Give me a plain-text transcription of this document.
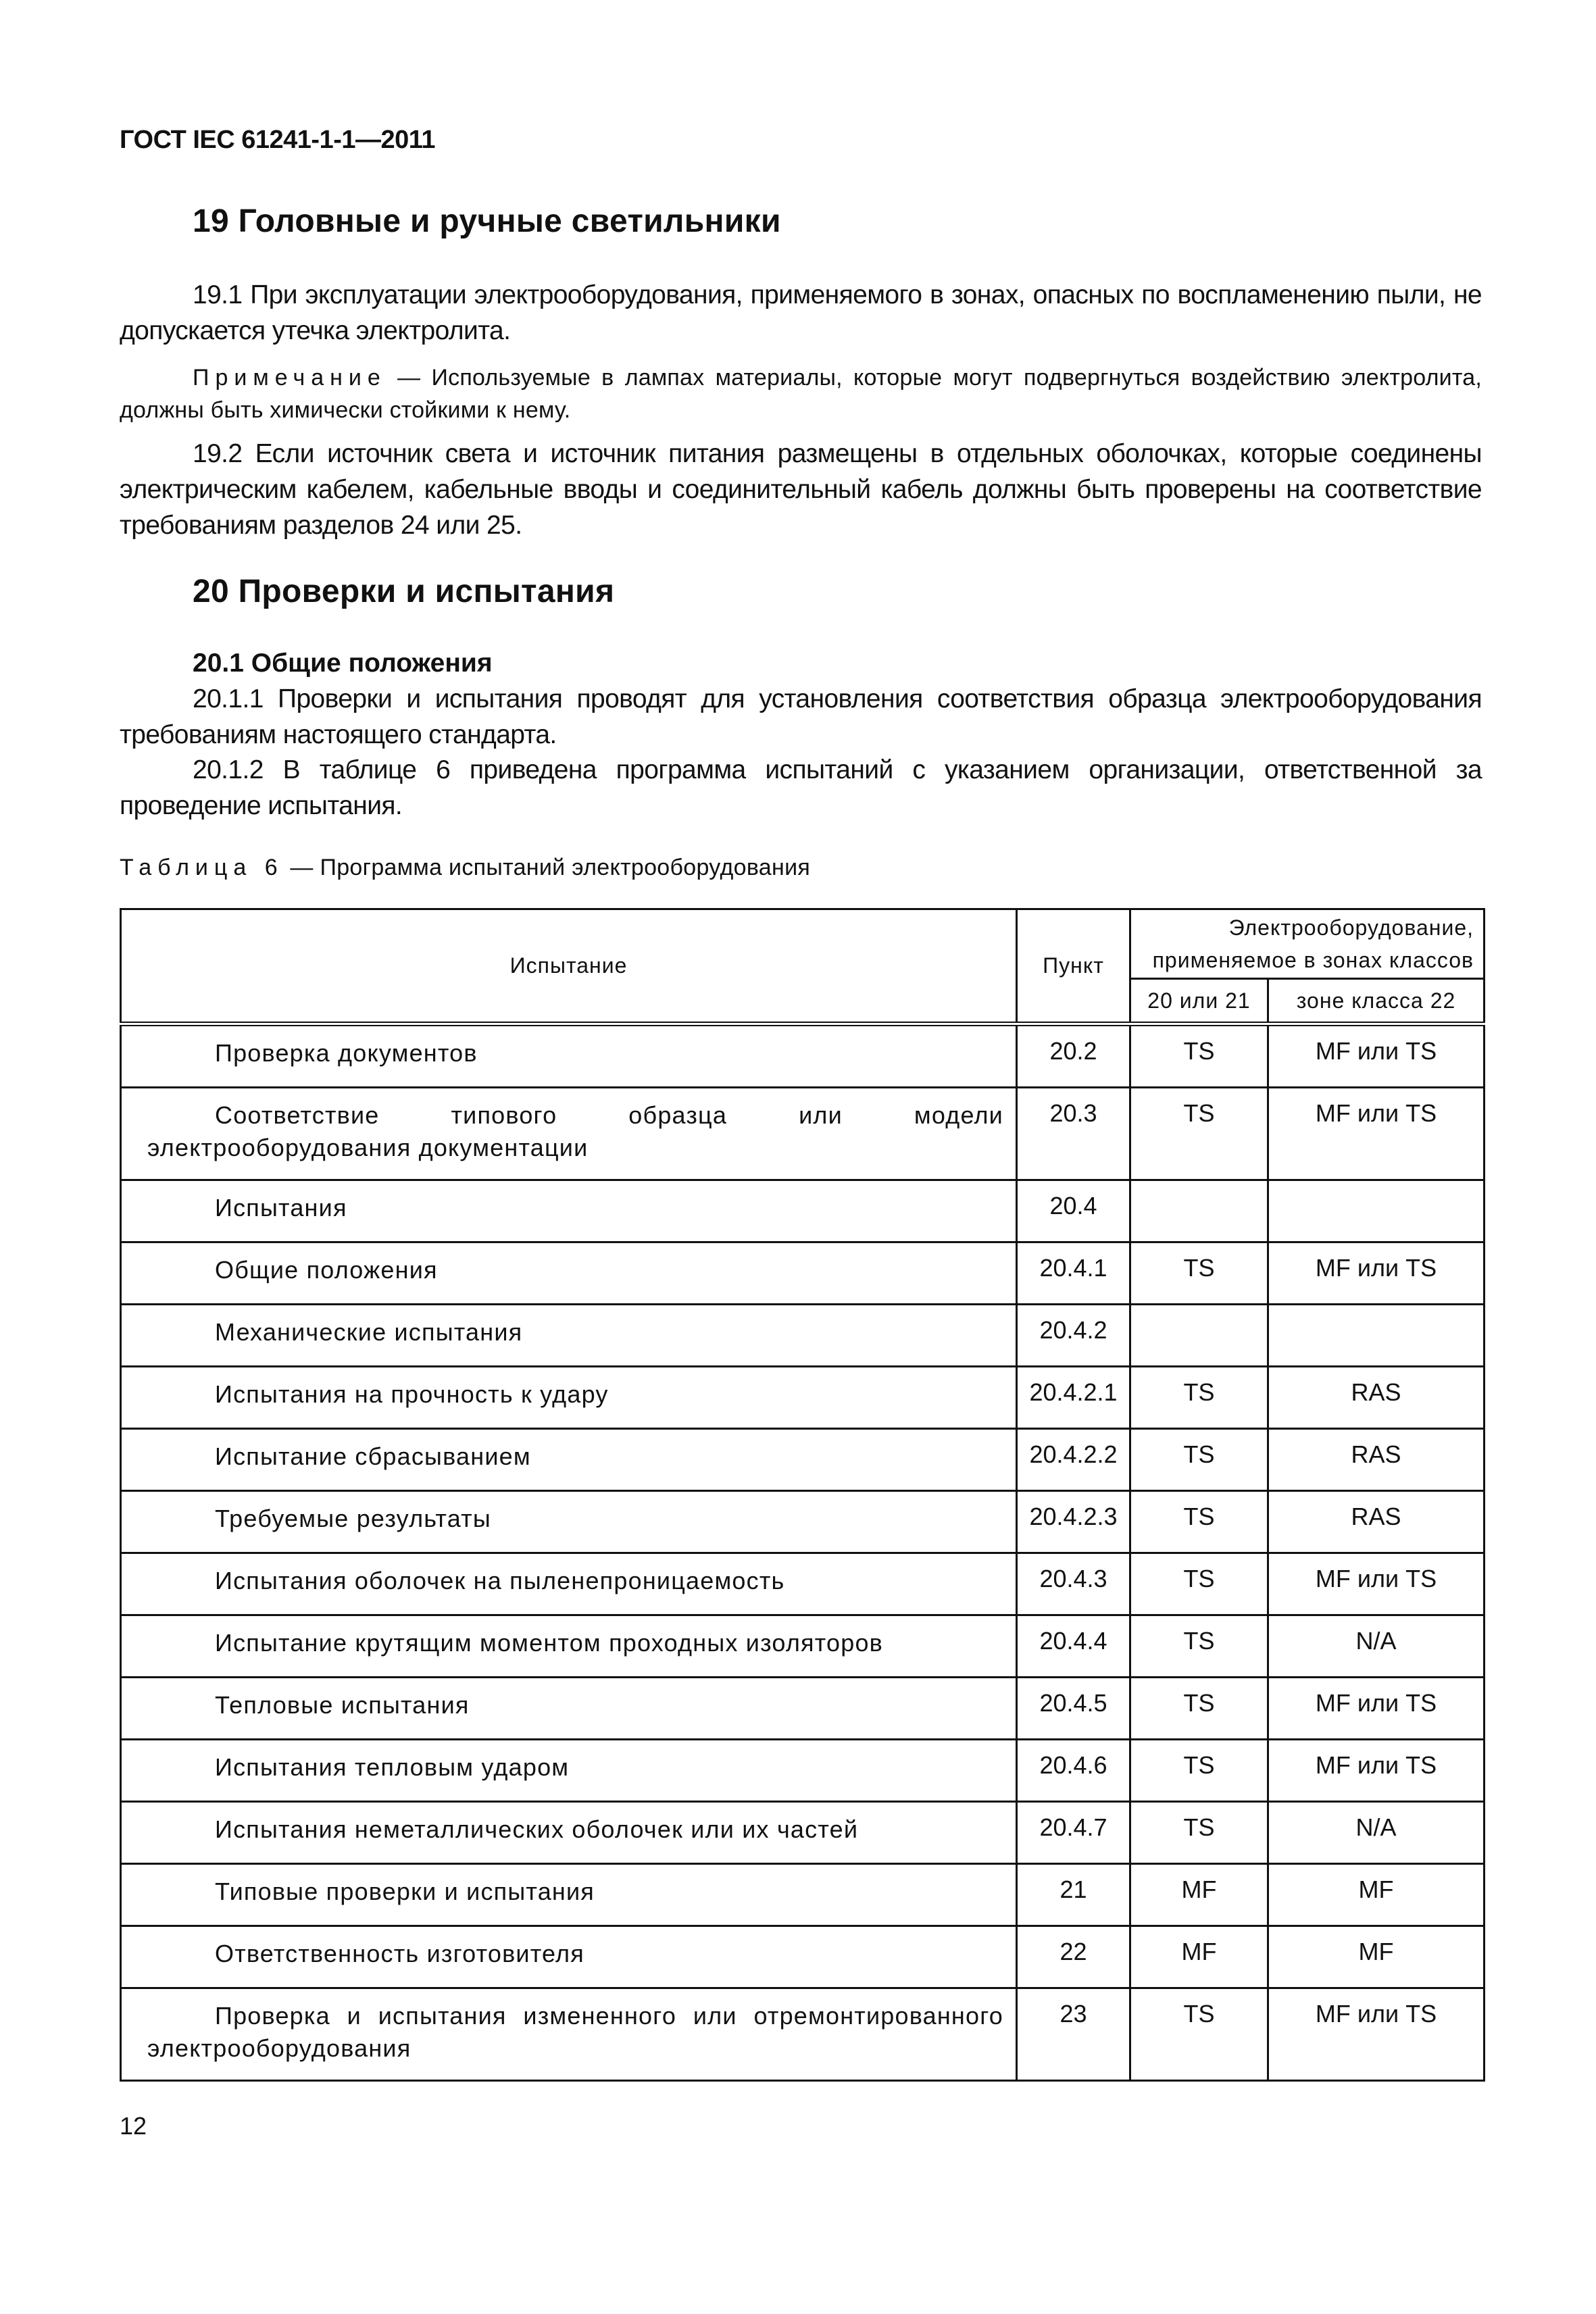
ГОСТ IEC 61241-1-1—2011
19 Головные и ручные светильники

19.1 При эксплуатации электрооборудования, применяемого в зонах, опасных по воспламенению пыли, не допускается утечка электролита.

Примечание — Используемые в лампах материалы, которые могут подвергнуться воздействию электролита, должны быть химически стойкими к нему.

19.2 Если источник света и источник питания размещены в отдельных оболочках, которые соединены электрическим кабелем, кабельные вводы и соединительный кабель должны быть проверены на соответствие требованиям разделов 24 или 25.

20 Проверки и испытания
20.1 Общие положения

20.1.1 Проверки и испытания проводят для установления соответствия образца электрооборудования требованиям настоящего стандарта.

20.1.2 В таблице 6 приведена программа испытаний с указанием организации, ответственной за проведение испытания.

Таблица 6 — Программа испытаний электрооборудования
Испытание	Пункт	Электрооборудование, применяемое в зонах классов	
		20 или 21	зоне класса 22
Проверка документов	20.2	TS	MF или TS
Соответствие типового образца или модели электрооборудования документации	20.3	TS	MF или TS
Испытания	20.4		
Общие положения	20.4.1	TS	MF или TS
Механические испытания	20.4.2		
Испытания на прочность к удару	20.4.2.1	TS	RAS
Испытание сбрасыванием	20.4.2.2	TS	RAS
Требуемые результаты	20.4.2.3	TS	RAS
Испытания оболочек на пыленепроницаемость	20.4.3	TS	MF или TS
Испытание крутящим моментом проходных изоляторов	20.4.4	TS	N/A
Тепловые испытания	20.4.5	TS	MF или TS
Испытания тепловым ударом	20.4.6	TS	MF или TS
Испытания неметаллических оболочек или их частей	20.4.7	TS	N/A
Типовые проверки и испытания	21	MF	MF
Ответственность изготовителя	22	MF	MF
Проверка и испытания измененного или отремонтированного электрооборудования	23	TS	MF или TS
12
